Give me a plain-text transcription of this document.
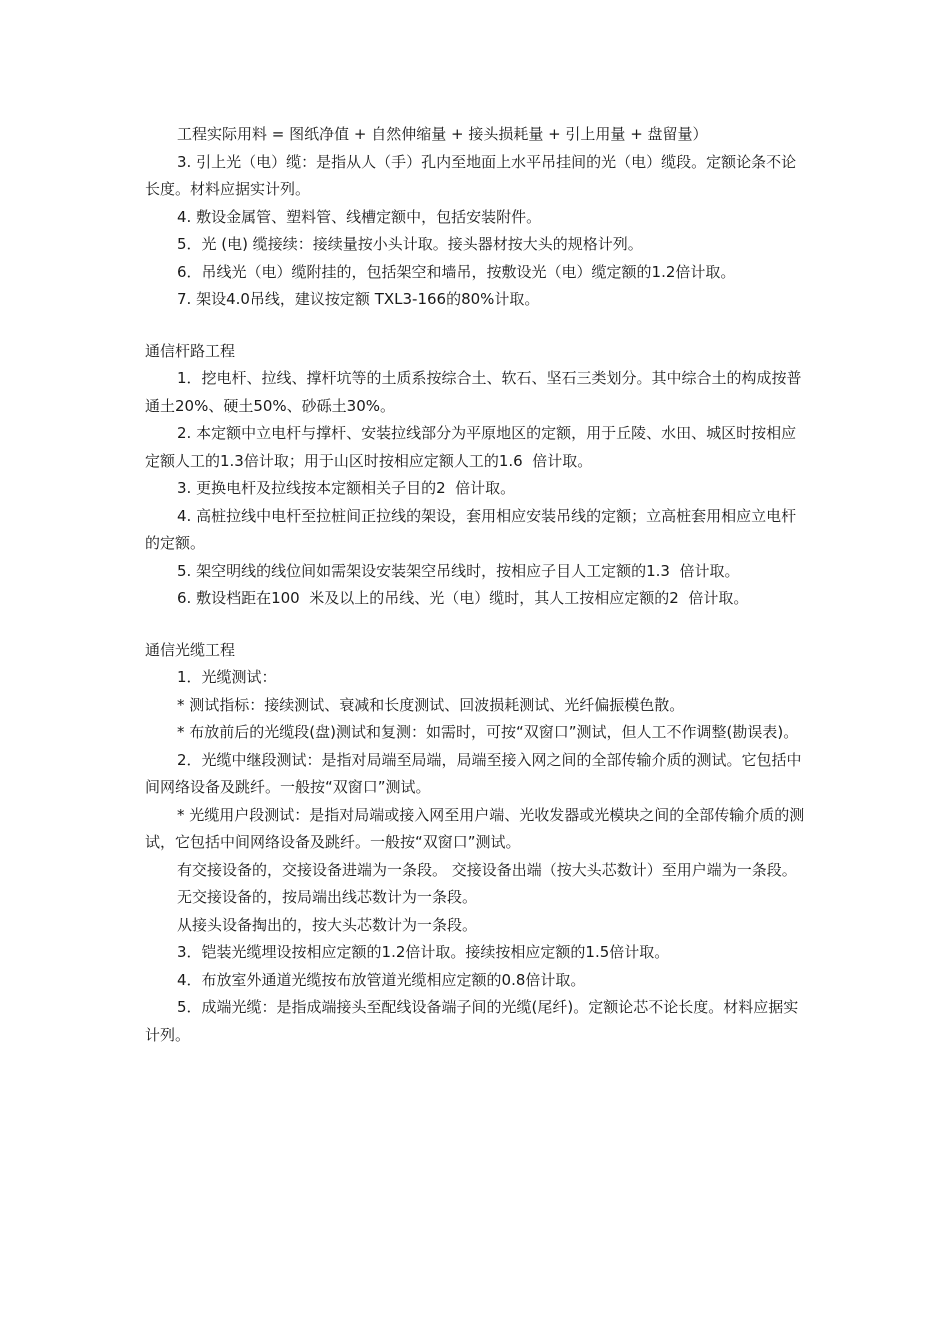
工程实际用料 = 图纸净值 + 自然伸缩量 + 接头损耗量 + 引上用量 + 盘留量）

3. 引上光（电）缆：是指从人（手）孔内至地面上水平吊挂间的光（电）缆段。定额论条不论长度。材料应据实计列。

4. 敷设金属管、塑料管、线槽定额中，包括安装附件。

5．光 (电) 缆接续：接续量按小头计取。接头器材按大头的规格计列。

6．吊线光（电）缆附挂的，包括架空和墙吊，按敷设光（电）缆定额的1.2倍计取。

7. 架设4.0吊线，建议按定额 TXL3-166的80%计取。

通信杆路工程

1．挖电杆、拉线、撑杆坑等的土质系按综合土、软石、坚石三类划分。其中综合土的构成按普通土20%、硬土50%、砂砾土30%。

2. 本定额中立电杆与撑杆、安装拉线部分为平原地区的定额，用于丘陵、水田、城区时按相应定额人工的1.3倍计取；用于山区时按相应定额人工的1.6  倍计取。

3. 更换电杆及拉线按本定额相关子目的2  倍计取。

4. 高桩拉线中电杆至拉桩间正拉线的架设，套用相应安装吊线的定额；立高桩套用相应立电杆的定额。

5. 架空明线的线位间如需架设安装架空吊线时，按相应子目人工定额的1.3  倍计取。

6. 敷设档距在100  米及以上的吊线、光（电）缆时，其人工按相应定额的2  倍计取。

通信光缆工程

1．光缆测试：

* 测试指标：接续测试、衰减和长度测试、回波损耗测试、光纤偏振模色散。

* 布放前后的光缆段(盘)测试和复测：如需时，可按“双窗口”测试，但人工不作调整(勘误表)。

2．光缆中继段测试：是指对局端至局端，局端至接入网之间的全部传输介质的测试。它包括中间网络设备及跳纤。一般按“双窗口”测试。

* 光缆用户段测试：是指对局端或接入网至用户端、光收发器或光模块之间的全部传输介质的测试，它包括中间网络设备及跳纤。一般按“双窗口”测试。

有交接设备的，交接设备进端为一条段。 交接设备出端（按大头芯数计）至用户端为一条段。

无交接设备的，按局端出线芯数计为一条段。

从接头设备掏出的，按大头芯数计为一条段。

3．铠装光缆埋设按相应定额的1.2倍计取。接续按相应定额的1.5倍计取。

4．布放室外通道光缆按布放管道光缆相应定额的0.8倍计取。

5．成端光缆：是指成端接头至配线设备端子间的光缆(尾纤)。定额论芯不论长度。材料应据实计列。
